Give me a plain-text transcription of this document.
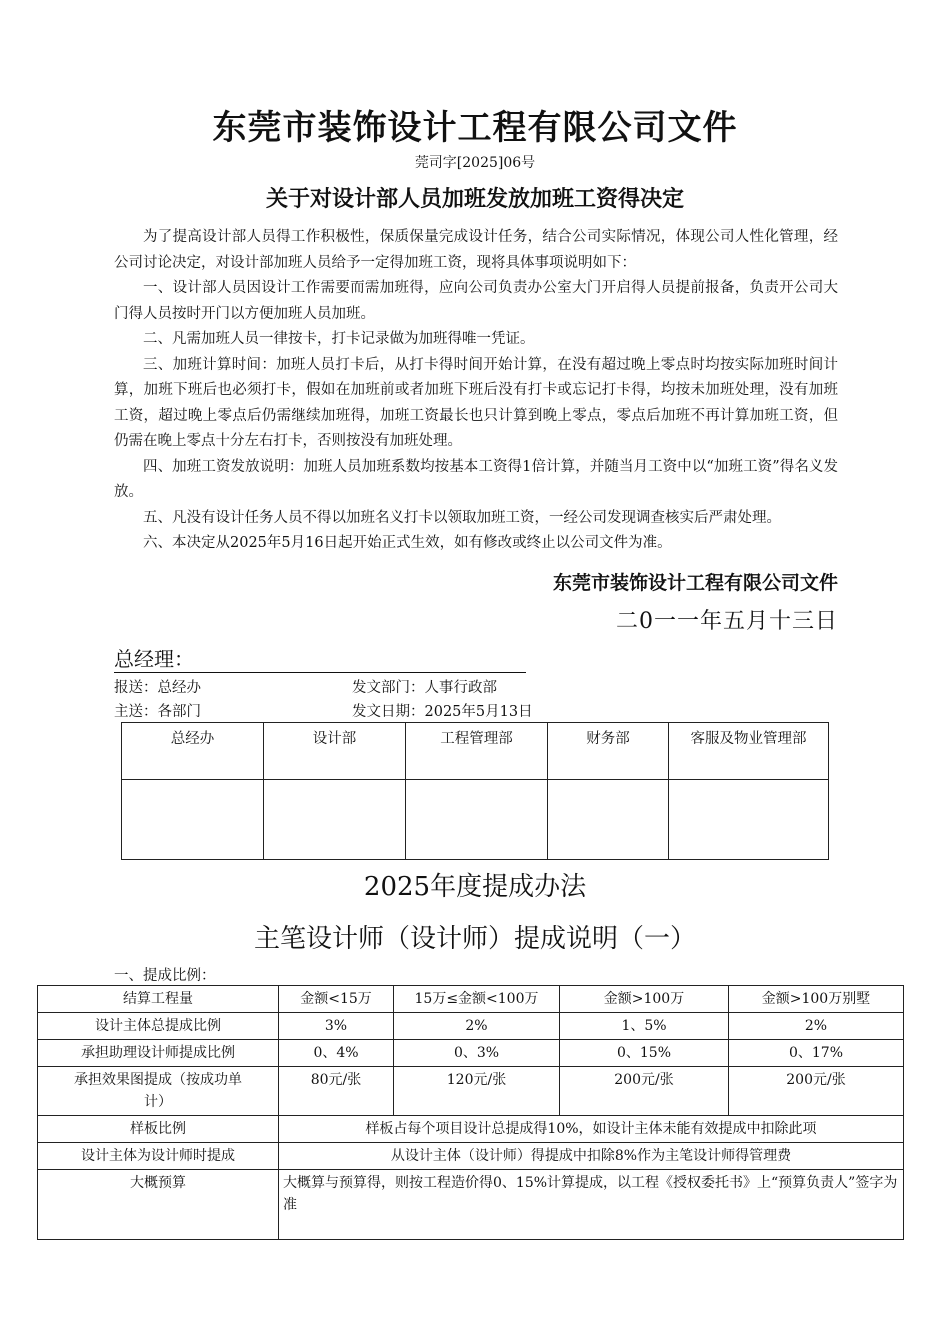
东莞市装饰设计工程有限公司文件
莞司字[2025]06号
关于对设计部人员加班发放加班工资得决定

为了提高设计部人员得工作积极性，保质保量完成设计任务，结合公司实际情况，体现公司人性化管理，经公司讨论决定，对设计部加班人员给予一定得加班工资，现将具体事项说明如下：

一、设计部人员因设计工作需要而需加班得，应向公司负责办公室大门开启得人员提前报备，负责开公司大门得人员按时开门以方便加班人员加班。

二、凡需加班人员一律按卡，打卡记录做为加班得唯一凭证。

三、加班计算时间：加班人员打卡后，从打卡得时间开始计算，在没有超过晚上零点时均按实际加班时间计算，加班下班后也必须打卡，假如在加班前或者加班下班后没有打卡或忘记打卡得，均按未加班处理，没有加班工资，超过晚上零点后仍需继续加班得，加班工资最长也只计算到晚上零点，零点后加班不再计算加班工资，但仍需在晚上零点十分左右打卡，否则按没有加班处理。

四、加班工资发放说明：加班人员加班系数均按基本工资得1倍计算，并随当月工资中以“加班工资”得名义发放。

五、凡没有设计任务人员不得以加班名义打卡以领取加班工资，一经公司发现调查核实后严肃处理。

六、本决定从2025年5月16日起开始正式生效，如有修改或终止以公司文件为准。

东莞市装饰设计工程有限公司文件
二0一一年五月十三日
总经理：
报送：总经办	发文部门：人事行政部
主送：各部门	发文日期：2025年5月13日
总经办	设计部	工程管理部	财务部	客服及物业管理部

2025年度提成办法
主笔设计师（设计师）提成说明（一）
一、提成比例：
结算工程量	金额<15万	15万≤金额<100万	金额>100万	金额>100万别墅
设计主体总提成比例	3%	2%	1、5%	2%
承担助理设计师提成比例	0、4%	0、3%	0、15%	0、17%
承担效果图提成（按成功单计）	80元/张	120元/张	200元/张	200元/张
样板比例	样板占每个项目设计总提成得10%，如设计主体未能有效提成中扣除此项			
设计主体为设计师时提成	从设计主体（设计师）得提成中扣除8%作为主笔设计师得管理费			
大概预算	大概算与预算得，则按工程造价得0、15%计算提成，以工程《授权委托书》上“预算负责人”签字为准			
